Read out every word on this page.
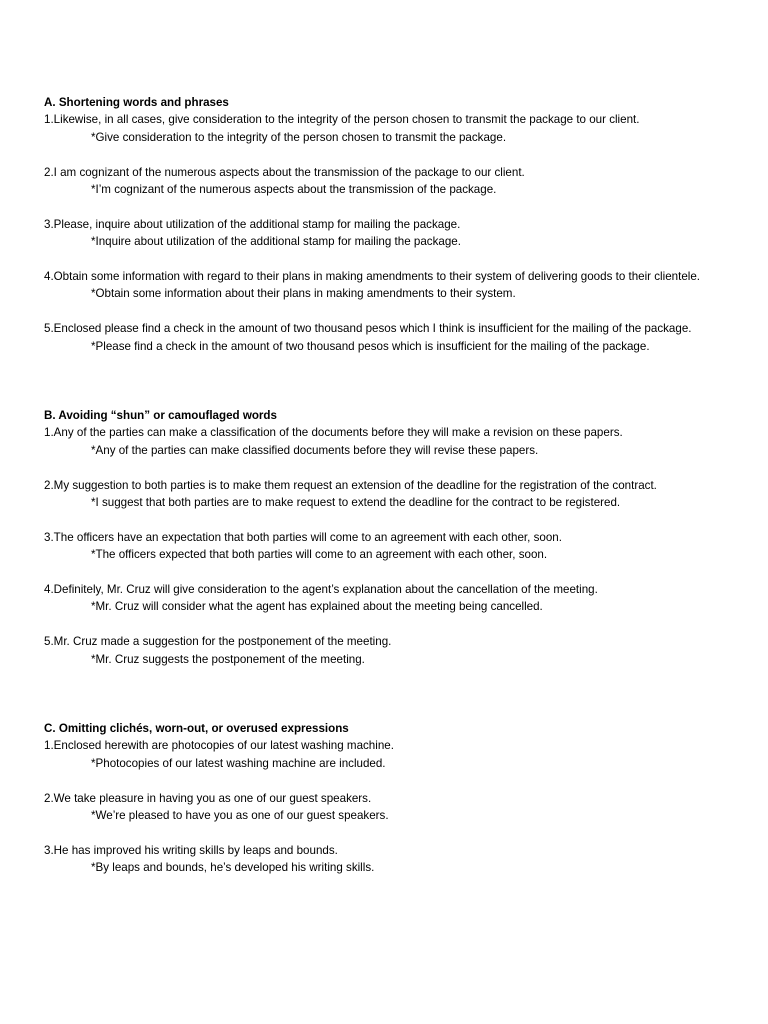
A. Shortening words and phrases

1.Likewise, in all cases, give consideration to the integrity of the person chosen to transmit the package to our client.

*Give consideration to the integrity of the person chosen to transmit the package.

2.I am cognizant of the numerous aspects about the transmission of the package to our client.

*I’m cognizant of the numerous aspects about the transmission of the package.

3.Please, inquire about utilization of the additional stamp for mailing the package.

*Inquire about utilization of the additional stamp for mailing the package.

4.Obtain some information with regard to their plans in making amendments to their system of delivering goods to their clientele.

*Obtain some information about their plans in making amendments to their system.

5.Enclosed please find a check in the amount of two thousand pesos which I think is insufficient for the mailing of the package.

*Please find a check in the amount of two thousand pesos which is insufficient for the mailing of the package.

B. Avoiding “shun” or camouflaged words

1.Any of the parties can make a classification of the documents before they will make a revision on these papers.

*Any of the parties can make classified documents before they will revise these papers.

2.My suggestion to both parties is to make them request an extension of the deadline for the registration of the contract.

*I suggest that both parties are to make request to extend the deadline for the contract to be registered.

3.The officers have an expectation that both parties will come to an agreement with each other, soon.

*The officers expected that both parties will come to an agreement with each other, soon.

4.Definitely, Mr. Cruz will give consideration to the agent’s explanation about the cancellation of the meeting.

*Mr. Cruz will consider what the agent has explained about the meeting being cancelled.

5.Mr. Cruz made a suggestion for the postponement of the meeting.

*Mr. Cruz suggests the postponement of the meeting.

C. Omitting clichés, worn-out, or overused expressions

1.Enclosed herewith are photocopies of our latest washing machine.

*Photocopies of our latest washing machine are included.

2.We take pleasure in having you as one of our guest speakers.

*We’re pleased to have you as one of our guest speakers.

3.He has improved his writing skills by leaps and bounds.

*By leaps and bounds, he’s developed his writing skills.
